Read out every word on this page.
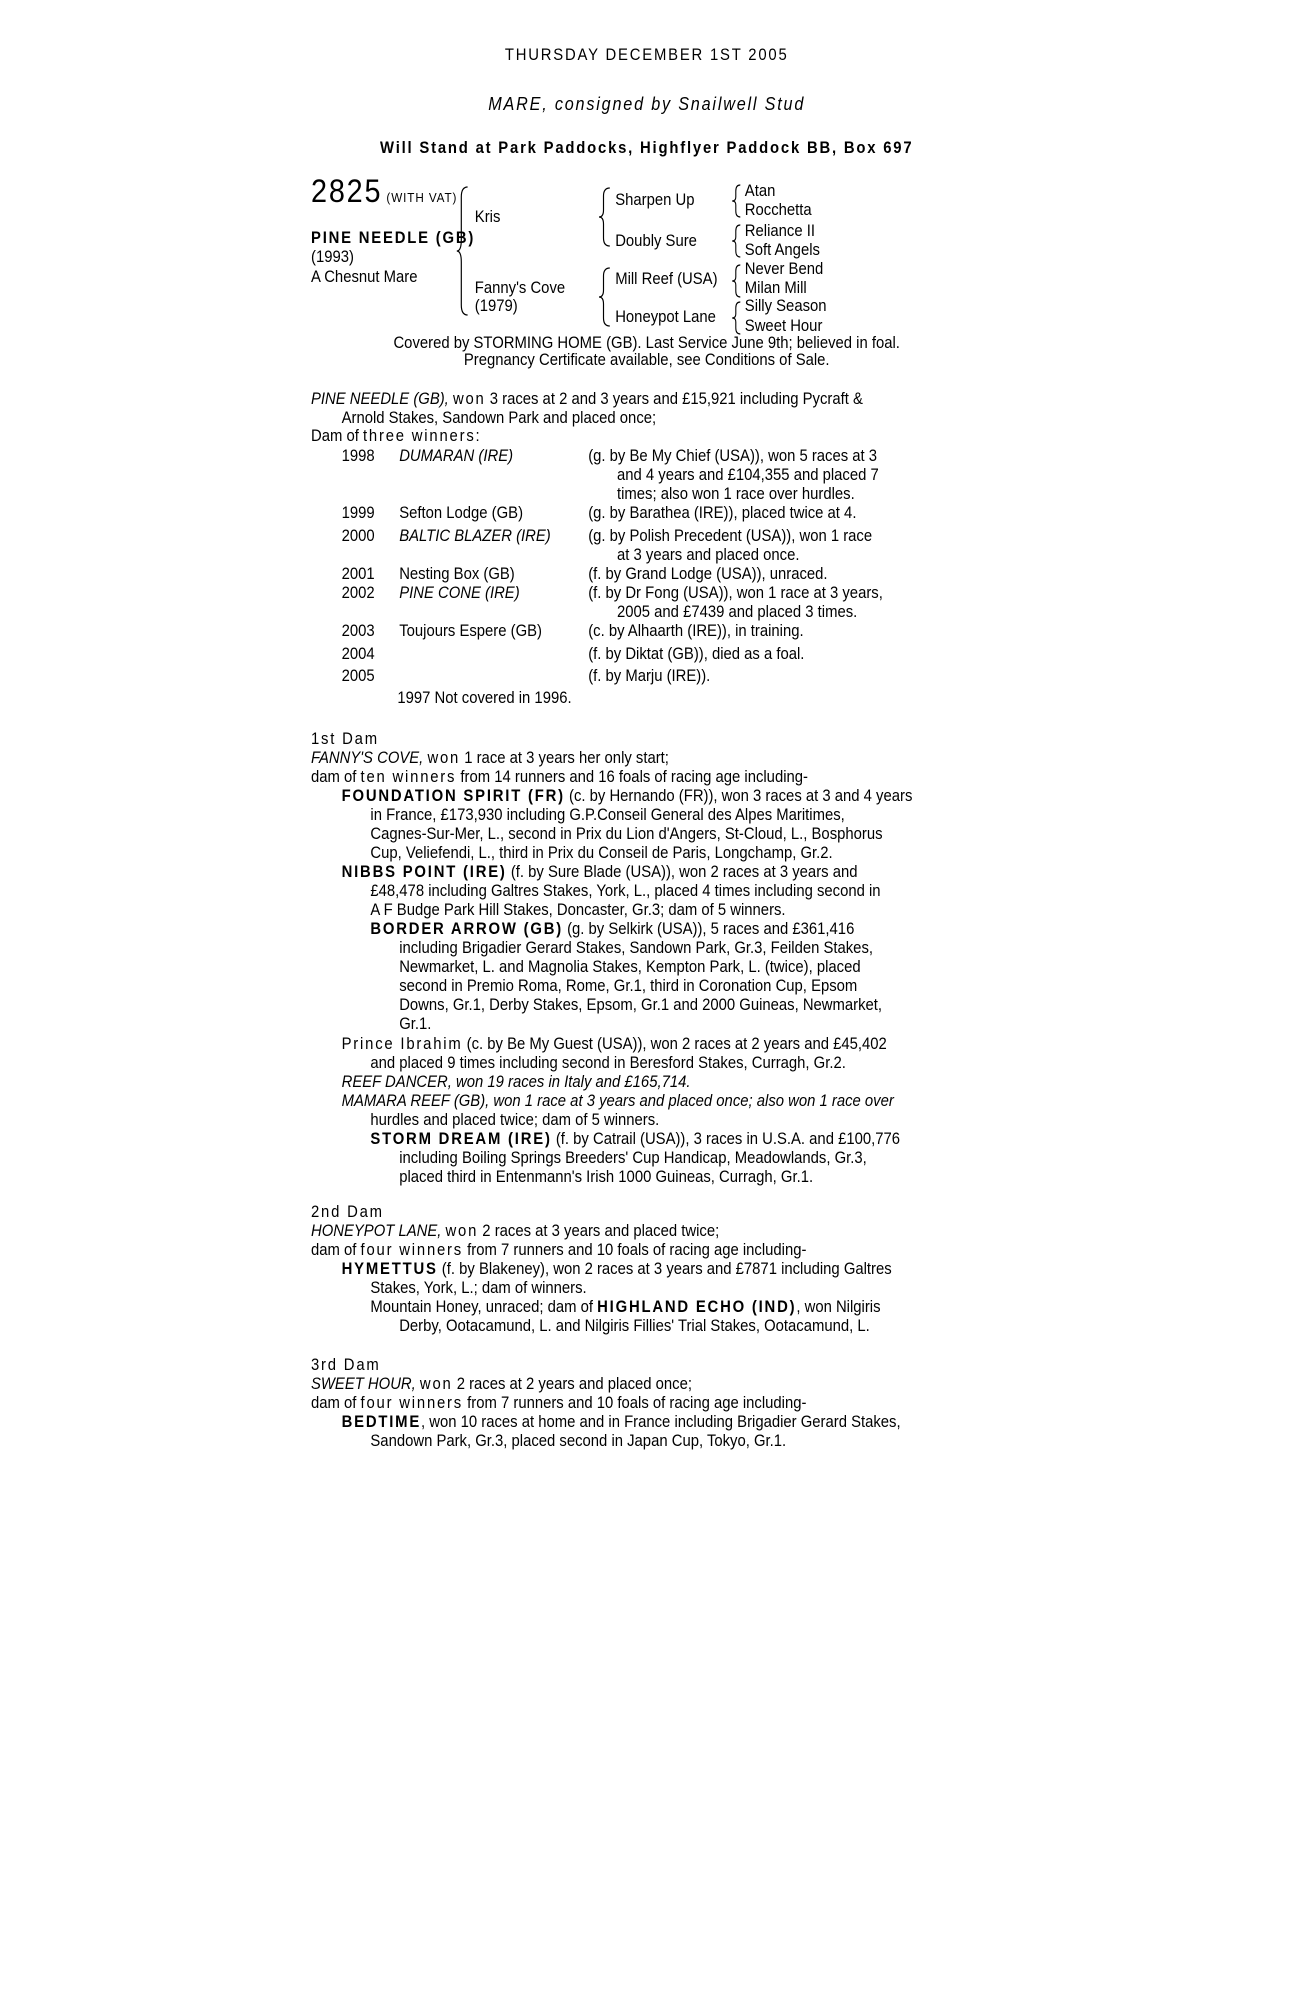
THURSDAY DECEMBER 1ST 2005
MARE, consigned by Snailwell Stud
Will Stand at Park Paddocks, Highflyer Paddock BB, Box 697
2825 (WITH VAT)
PINE NEEDLE (GB)
(1993)
A Chesnut Mare
Kris
Fanny's Cove
(1979)
Sharpen Up
Doubly Sure
Mill Reef (USA)
Honeypot Lane
Atan
Rocchetta
Reliance II
Soft Angels
Never Bend
Milan Mill
Silly Season
Sweet Hour
Covered by STORMING HOME (GB). Last Service June 9th; believed in foal.
Pregnancy Certificate available, see Conditions of Sale.
PINE NEEDLE (GB), won 3 races at 2 and 3 years and £15,921 including Pycraft &
Arnold Stakes, Sandown Park and placed once;
Dam of three winners:
1998 DUMARAN (IRE)	(g. by Be My Chief (USA)), won 5 races at 3
and 4 years and £104,355 and placed 7
times; also won 1 race over hurdles.
1999 Sefton Lodge (GB)	(g. by Barathea (IRE)), placed twice at 4.
2000 BALTIC BLAZER (IRE) (g. by Polish Precedent (USA)), won 1 race
at 3 years and placed once.
2001 Nesting Box (GB)	(f. by Grand Lodge (USA)), unraced.
2002 PINE CONE (IRE)	(f. by Dr Fong (USA)), won 1 race at 3 years,
2005 and £7439 and placed 3 times.
2003 Toujours Espere (GB)	(c. by Alhaarth (IRE)), in training.
2004	(f. by Diktat (GB)), died as a foal.
2005	(f. by Marju (IRE)).
1997 Not covered in 1996.
1st Dam
FANNY'S COVE, won 1 race at 3 years her only start;
dam of ten winners from 14 runners and 16 foals of racing age including-
FOUNDATION SPIRIT (FR) (c. by Hernando (FR)), won 3 races at 3 and 4 years
in France, £173,930 including G.P.Conseil General des Alpes Maritimes,
Cagnes-Sur-Mer, L., second in Prix du Lion d'Angers, St-Cloud, L., Bosphorus
Cup, Veliefendi, L., third in Prix du Conseil de Paris, Longchamp, Gr.2.
NIBBS POINT (IRE) (f. by Sure Blade (USA)), won 2 races at 3 years and
£48,478 including Galtres Stakes, York, L., placed 4 times including second in
A F Budge Park Hill Stakes, Doncaster, Gr.3; dam of 5 winners.
BORDER ARROW (GB) (g. by Selkirk (USA)), 5 races and £361,416
including Brigadier Gerard Stakes, Sandown Park, Gr.3, Feilden Stakes,
Newmarket, L. and Magnolia Stakes, Kempton Park, L. (twice), placed
second in Premio Roma, Rome, Gr.1, third in Coronation Cup, Epsom
Downs, Gr.1, Derby Stakes, Epsom, Gr.1 and 2000 Guineas, Newmarket,
Gr.1.
Prince Ibrahim (c. by Be My Guest (USA)), won 2 races at 2 years and £45,402
and placed 9 times including second in Beresford Stakes, Curragh, Gr.2.
REEF DANCER, won 19 races in Italy and £165,714.
MAMARA REEF (GB), won 1 race at 3 years and placed once; also won 1 race over
hurdles and placed twice; dam of 5 winners.
STORM DREAM (IRE) (f. by Catrail (USA)), 3 races in U.S.A. and £100,776
including Boiling Springs Breeders' Cup Handicap, Meadowlands, Gr.3,
placed third in Entenmann's Irish 1000 Guineas, Curragh, Gr.1.
2nd Dam
HONEYPOT LANE, won 2 races at 3 years and placed twice;
dam of four winners from 7 runners and 10 foals of racing age including-
HYMETTUS (f. by Blakeney), won 2 races at 3 years and £7871 including Galtres
Stakes, York, L.; dam of winners.
Mountain Honey, unraced; dam of HIGHLAND ECHO (IND), won Nilgiris
Derby, Ootacamund, L. and Nilgiris Fillies' Trial Stakes, Ootacamund, L.
3rd Dam
SWEET HOUR, won 2 races at 2 years and placed once;
dam of four winners from 7 runners and 10 foals of racing age including-
BEDTIME, won 10 races at home and in France including Brigadier Gerard Stakes,
Sandown Park, Gr.3, placed second in Japan Cup, Tokyo, Gr.1.
